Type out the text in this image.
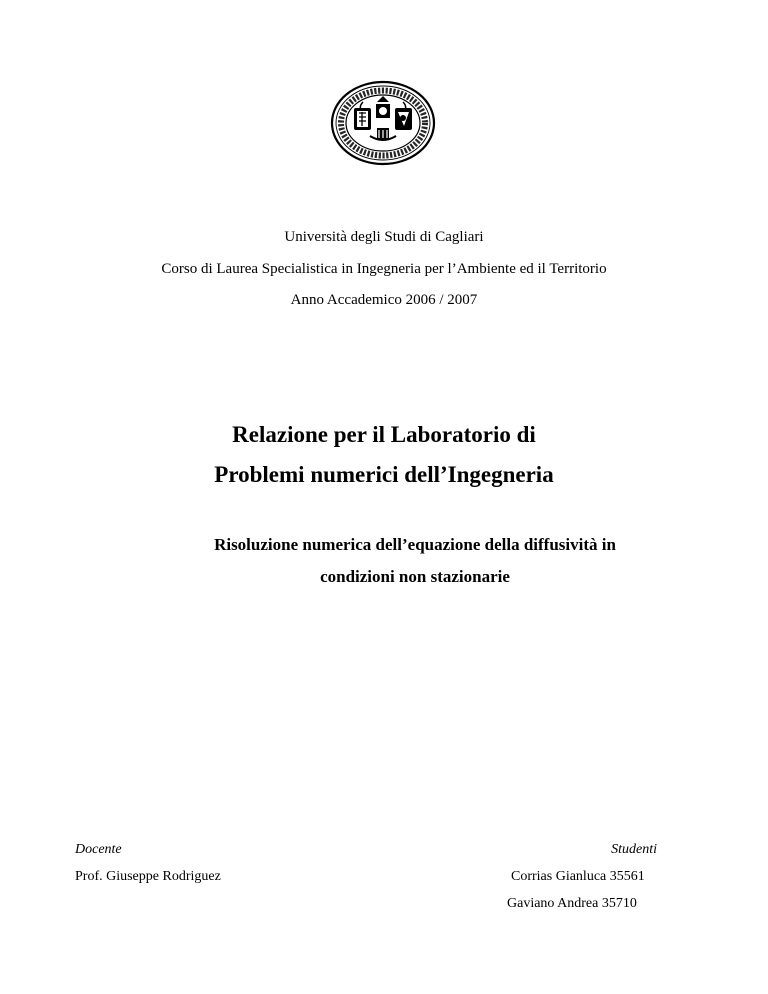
Università degli Studi di Cagliari
Corso di Laurea Specialistica in Ingegneria per l’Ambiente ed il Territorio
Anno Accademico 2006 / 2007
Relazione per il Laboratorio di
Problemi numerici dell’Ingegneria
Risoluzione numerica dell’equazione della diffusività in
condizioni non stazionarie
Docente
Prof. Giuseppe Rodriguez
Studenti
Corrias Gianluca 35561
Gaviano Andrea 35710
